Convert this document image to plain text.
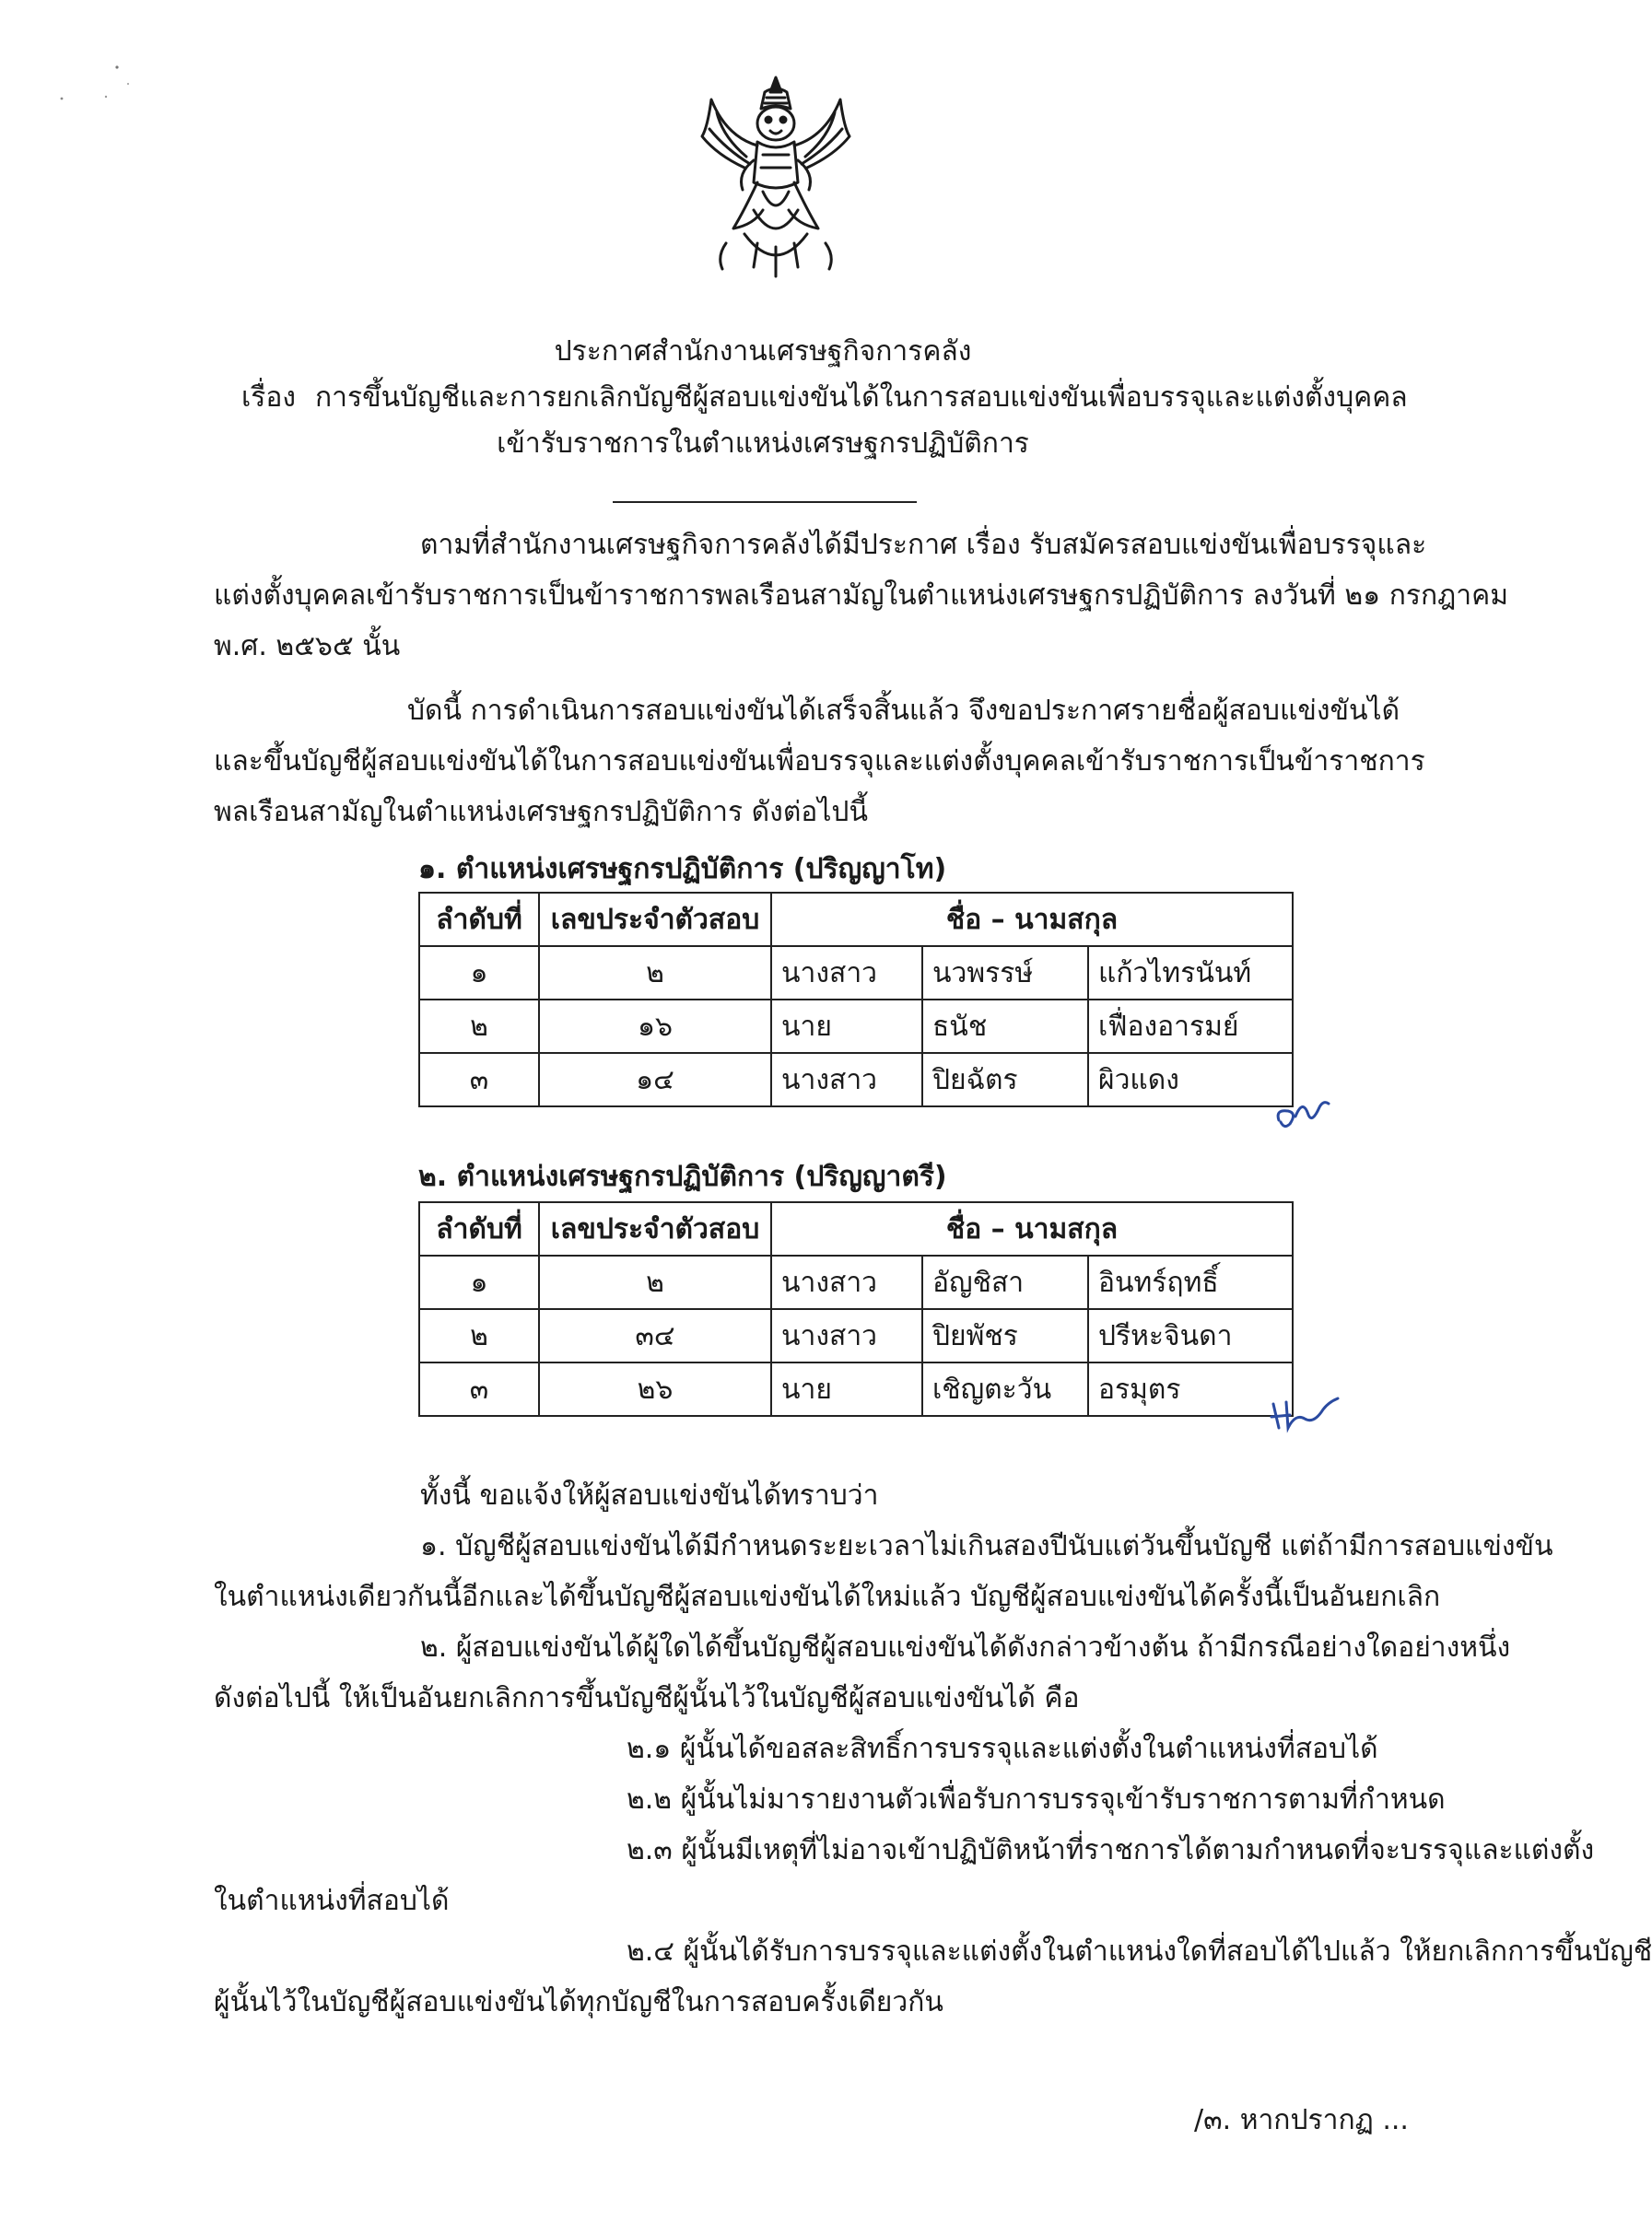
ประกาศสำนักงานเศรษฐกิจการคลัง
เรื่อง การขึ้นบัญชีและการยกเลิกบัญชีผู้สอบแข่งขันได้ในการสอบแข่งขันเพื่อบรรจุและแต่งตั้งบุคคล
เข้ารับราชการในตำแหน่งเศรษฐกรปฏิบัติการ
ตามที่สำนักงานเศรษฐกิจการคลังได้มีประกาศ เรื่อง รับสมัครสอบแข่งขันเพื่อบรรจุและ
แต่งตั้งบุคคลเข้ารับราชการเป็นข้าราชการพลเรือนสามัญในตำแหน่งเศรษฐกรปฏิบัติการ ลงวันที่ ๒๑ กรกฎาคม
พ.ศ. ๒๕๖๕ นั้น
บัดนี้ การดำเนินการสอบแข่งขันได้เสร็จสิ้นแล้ว จึงขอประกาศรายชื่อผู้สอบแข่งขันได้
และขึ้นบัญชีผู้สอบแข่งขันได้ในการสอบแข่งขันเพื่อบรรจุและแต่งตั้งบุคคลเข้ารับราชการเป็นข้าราชการ
พลเรือนสามัญในตำแหน่งเศรษฐกรปฏิบัติการ ดังต่อไปนี้
๑. ตำแหน่งเศรษฐกรปฏิบัติการ (ปริญญาโท)
ลำดับที่	เลขประจำตัวสอบ	ชื่อ – นามสกุล		
๑	๒	นางสาว	นวพรรษ์	แก้วไทรนันท์
๒	๑๖	นาย	ธนัช	เฟื่องอารมย์
๓	๑๔	นางสาว	ปิยฉัตร	ผิวแดง
๒. ตำแหน่งเศรษฐกรปฏิบัติการ (ปริญญาตรี)
ลำดับที่	เลขประจำตัวสอบ	ชื่อ – นามสกุล		
๑	๒	นางสาว	อัญชิสา	อินทร์ฤทธิ์
๒	๓๔	นางสาว	ปิยพัชร	ปรีหะจินดา
๓	๒๖	นาย	เชิญตะวัน	อรมุตร
ทั้งนี้ ขอแจ้งให้ผู้สอบแข่งขันได้ทราบว่า
๑. บัญชีผู้สอบแข่งขันได้มีกำหนดระยะเวลาไม่เกินสองปีนับแต่วันขึ้นบัญชี แต่ถ้ามีการสอบแข่งขัน
ในตำแหน่งเดียวกันนี้อีกและได้ขึ้นบัญชีผู้สอบแข่งขันได้ใหม่แล้ว บัญชีผู้สอบแข่งขันได้ครั้งนี้เป็นอันยกเลิก
๒. ผู้สอบแข่งขันได้ผู้ใดได้ขึ้นบัญชีผู้สอบแข่งขันได้ดังกล่าวข้างต้น ถ้ามีกรณีอย่างใดอย่างหนึ่ง
ดังต่อไปนี้ ให้เป็นอันยกเลิกการขึ้นบัญชีผู้นั้นไว้ในบัญชีผู้สอบแข่งขันได้ คือ
๒.๑ ผู้นั้นได้ขอสละสิทธิ์การบรรจุและแต่งตั้งในตำแหน่งที่สอบได้
๒.๒ ผู้นั้นไม่มารายงานตัวเพื่อรับการบรรจุเข้ารับราชการตามที่กำหนด
๒.๓ ผู้นั้นมีเหตุที่ไม่อาจเข้าปฏิบัติหน้าที่ราชการได้ตามกำหนดที่จะบรรจุและแต่งตั้ง
ในตำแหน่งที่สอบได้
๒.๔ ผู้นั้นได้รับการบรรจุและแต่งตั้งในตำแหน่งใดที่สอบได้ไปแล้ว ให้ยกเลิกการขึ้นบัญชี
ผู้นั้นไว้ในบัญชีผู้สอบแข่งขันได้ทุกบัญชีในการสอบครั้งเดียวกัน
/๓. หากปรากฏ ...
